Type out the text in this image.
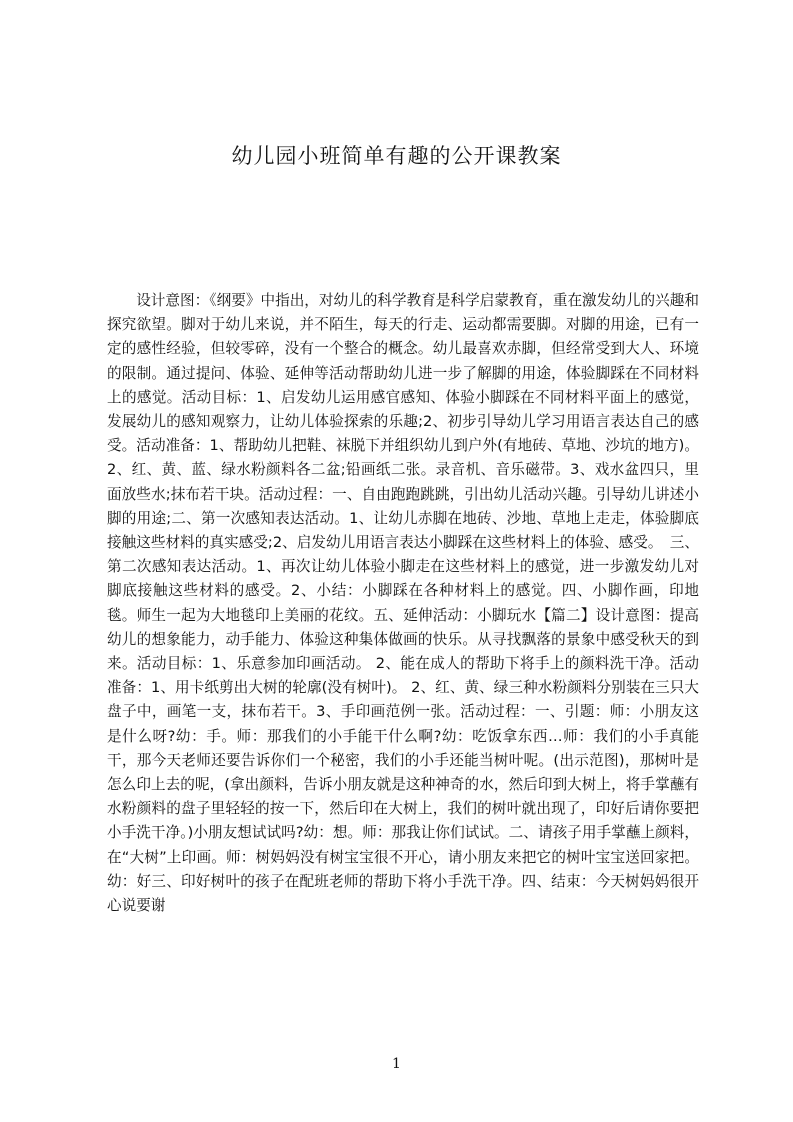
幼儿园小班简单有趣的公开课教案

设计意图：《纲要》中指出，对幼儿的科学教育是科学启蒙教育，重在激发幼儿的兴趣和探究欲望。脚对于幼儿来说，并不陌生，每天的行走、运动都需要脚。对脚的用途，已有一定的感性经验，但较零碎，没有一个整合的概念。幼儿最喜欢赤脚，但经常受到大人、环境的限制。通过提问、体验、延伸等活动帮助幼儿进一步了解脚的用途，体验脚踩在不同材料上的感觉。活动目标：1、启发幼儿运用感官感知、体验小脚踩在不同材料平面上的感觉，发展幼儿的感知观察力，让幼儿体验探索的乐趣;2、初步引导幼儿学习用语言表达自己的感受。活动准备：1、帮助幼儿把鞋、袜脱下并组织幼儿到户外(有地砖、草地、沙坑的地方)。2、红、黄、蓝、绿水粉颜料各二盆;铅画纸二张。录音机、音乐磁带。3、戏水盆四只，里面放些水;抹布若干块。活动过程：一、自由跑跑跳跳，引出幼儿活动兴趣。引导幼儿讲述小脚的用途;二、第一次感知表达活动。1、让幼儿赤脚在地砖、沙地、草地上走走，体验脚底接触这些材料的真实感受;2、启发幼儿用语言表达小脚踩在这些材料上的体验、感受。　三、第二次感知表达活动。1、再次让幼儿体验小脚走在这些材料上的感觉，进一步激发幼儿对脚底接触这些材料的感受。2、小结：小脚踩在各种材料上的感觉。四、小脚作画，印地毯。师生一起为大地毯印上美丽的花纹。五、延伸活动：小脚玩水【篇二】设计意图：提高幼儿的想象能力，动手能力、体验这种集体做画的快乐。从寻找飘落的景象中感受秋天的到来。活动目标：1、乐意参加印画活动。 2、能在成人的帮助下将手上的颜料洗干净。活动准备：1、用卡纸剪出大树的轮廓(没有树叶)。 2、红、黄、绿三种水粉颜料分别装在三只大盘子中，画笔一支，抹布若干。3、手印画范例一张。活动过程：一、引题：师：小朋友这是什么呀?幼：手。师：那我们的小手能干什么啊?幼：吃饭拿东西…师：我们的小手真能干，那今天老师还要告诉你们一个秘密，我们的小手还能当树叶呢。(出示范图)，那树叶是怎么印上去的呢，(拿出颜料，告诉小朋友就是这种神奇的水，然后印到大树上，将手掌蘸有水粉颜料的盘子里轻轻的按一下，然后印在大树上，我们的树叶就出现了，印好后请你要把小手洗干净。)小朋友想试试吗?幼：想。师：那我让你们试试。二、请孩子用手掌蘸上颜料，在“大树”上印画。师：树妈妈没有树宝宝很不开心，请小朋友来把它的树叶宝宝送回家把。幼：好三、印好树叶的孩子在配班老师的帮助下将小手洗干净。四、结束：今天树妈妈很开心说要谢

1
